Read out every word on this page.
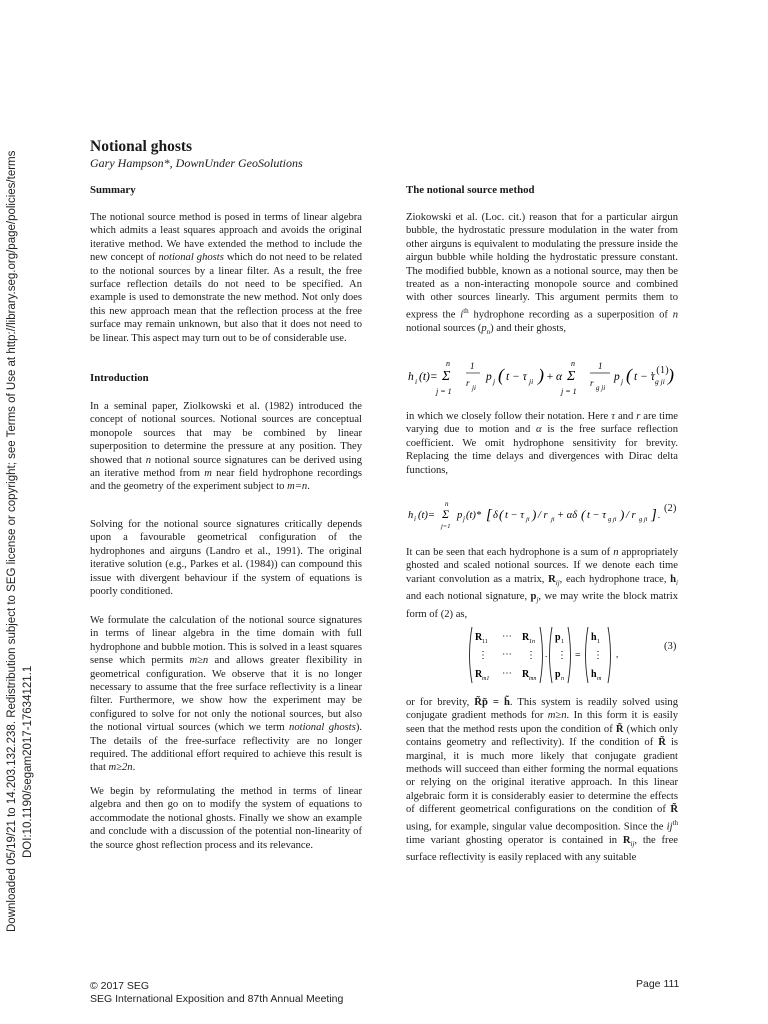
Downloaded 05/19/21 to 14.203.132.238. Redistribution subject to SEG license or copyright; see Terms of Use at http://library.seg.org/page/policies/terms DOI:10.1190/segam2017-17634121.1
Notional ghosts
Gary Hampson*, DownUnder GeoSolutions
Summary
The notional source method is posed in terms of linear algebra which admits a least squares approach and avoids the original iterative method. We have extended the method to include the new concept of notional ghosts which do not need to be related to the notional sources by a linear filter. As a result, the free surface reflection details do not need to be specified. An example is used to demonstrate the new method. Not only does this new approach mean that the reflection process at the free surface may remain unknown, but also that it does not need to be linear. This aspect may turn out to be of considerable use.
Introduction
In a seminal paper, Ziolkowski et al. (1982) introduced the concept of notional sources. Notional sources are conceptual monopole sources that may be combined by linear superposition to determine the pressure at any position. They showed that n notional source signatures can be derived using an iterative method from m near field hydrophone recordings and the geometry of the experiment subject to m=n.
Solving for the notional source signatures critically depends upon a favourable geometrical configuration of the hydrophones and airguns (Landro et al., 1991). The original iterative solution (e.g., Parkes et al. (1984)) can compound this issue with divergent behaviour if the system of equations is poorly conditioned.
We formulate the calculation of the notional source signatures in terms of linear algebra in the time domain with full hydrophone and bubble motion. This is solved in a least squares sense which permits m≥n and allows greater flexibility in geometrical configuration. We observe that it is no longer necessary to assume that the free surface reflectivity is a linear filter. Furthermore, we show how the experiment may be configured to solve for not only the notional sources, but also the notional virtual sources (which we term notional ghosts). The details of the free-surface reflectivity are no longer required. The additional effort required to achieve this result is that m≥2n.
We begin by reformulating the method in terms of linear algebra and then go on to modify the system of equations to accommodate the notional ghosts. Finally we show an example and conclude with a discussion of the potential non-linearity of the source ghost reflection process and its relevance.
The notional source method
Ziokowski et al. (Loc. cit.) reason that for a particular airgun bubble, the hydrostatic pressure modulation in the water from other airguns is equivalent to modulating the pressure inside the airgun bubble while holding the hydrostatic pressure constant. The modified bubble, known as a notional source, may then be treated as a non-interacting monopole source and combined with other sources linearly. This argument permits them to express the $i^{th}$ hydrophone recording as a superposition of n notional sources $(p_n)$ and their ghosts,
h i (t)=
n
Σ
j = 1
1
r ji
p j ( t − τ ji ) + α
n
Σ
j = 1
1
r g ji
p j ( t − τ g ji )
, (1)
in which we closely follow their notation. Here τ and r are time varying due to motion and α is the free surface reflection coefficient. We omit hydrophone sensitivity for brevity. Replacing the time delays and divergences with Dirac delta functions,
h i (t)=
n
Σ
j=1
p j (t)* [ δ ( t − τ ji ) / r ji + αδ ( t − τ g ji ) / r g ji ] .
(2)
It can be seen that each hydrophone is a sum of n appropriately ghosted and scaled notional sources. If we denote each time variant convolution as a matrix, $R_{ij}$, each hydrophone trace, $h_i$ and each notional signature, $p_j$, we may write the block matrix form of (2) as,
R 11 ⋯ R 1n
⋮ ⋯ ⋮
R m1 ⋯ R mn
.
p 1
⋮
p n
=
h 1
⋮
h m
,
(3)
or for brevity, R̃p̃ = h̃. This system is readily solved using conjugate gradient methods for m≥n. In this form it is easily seen that the method rests upon the condition of R̃ (which only contains geometry and reflectivity). If the condition of R̃ is marginal, it is much more likely that conjugate gradient methods will succeed than either forming the normal equations or relying on the original iterative approach. In this linear algebraic form it is considerably easier to determine the effects of different geometrical configurations on the condition of R̃ using, for example, singular value decomposition. Since the $ij^{th}$ time variant ghosting operator is contained in $R_{ij}$, the free surface reflectivity is easily replaced with any suitable
© 2017 SEG
SEG International Exposition and 87th Annual Meeting
Page 111
